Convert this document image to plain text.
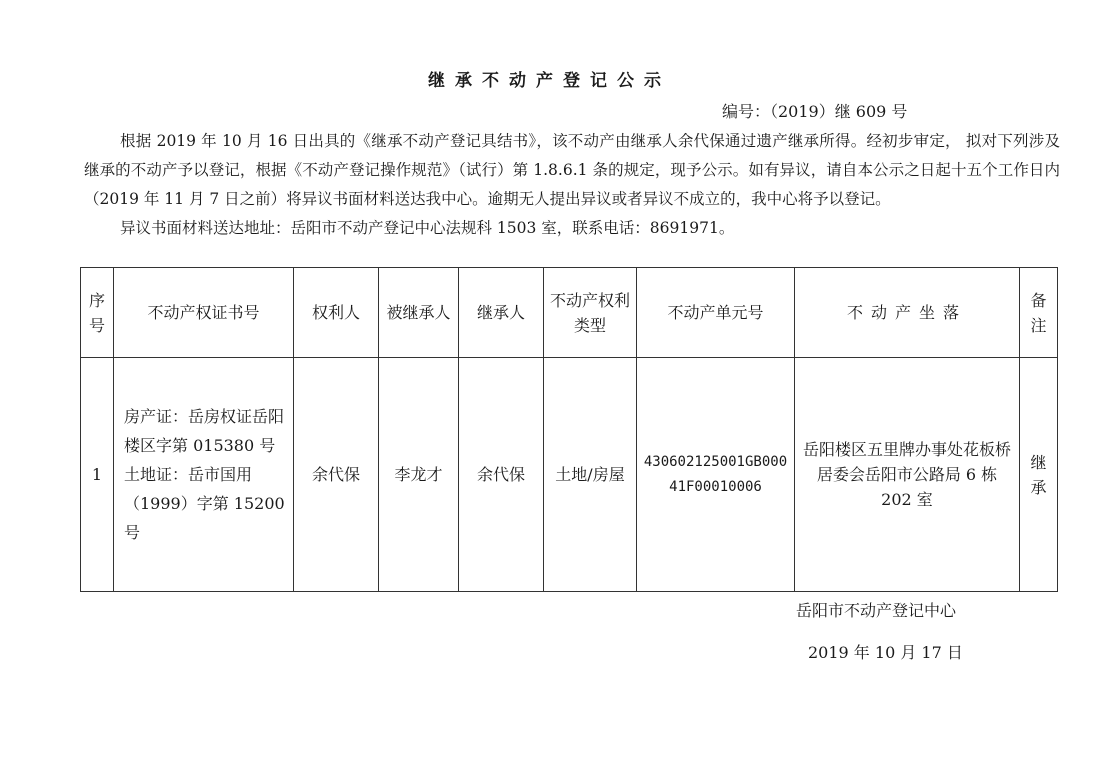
继承不动产登记公示
编号：（2019）继 609 号

根据 2019 年 10 月 16 日出具的《继承不动产登记具结书》，该不动产由继承人余代保通过遗产继承所得。经初步审定， 拟对下列涉及继承的不动产予以登记，根据《不动产登记操作规范》（试行）第 1.8.6.1 条的规定，现予公示。如有异议，请自本公示之日起十五个工作日内（2019 年 11 月 7 日之前）将异议书面材料送达我中心。逾期无人提出异议或者异议不成立的，我中心将予以登记。

异议书面材料送达地址：岳阳市不动产登记中心法规科 1503 室，联系电话：8691971。

序号	不动产权证书号	权利人	被继承人	继承人	不动产权利类型	不动产单元号	不动产坐落	备注
1	房产证：岳房权证岳阳楼区字第 015380 号
土地证：岳市国用（1999）字第 15200 号	余代保	李龙才	余代保	土地/房屋	430602125001GB00041F00010006	岳阳楼区五里牌办事处花板桥居委会岳阳市公路局 6 栋 202 室	继承
岳阳市不动产登记中心
2019 年 10 月 17 日
